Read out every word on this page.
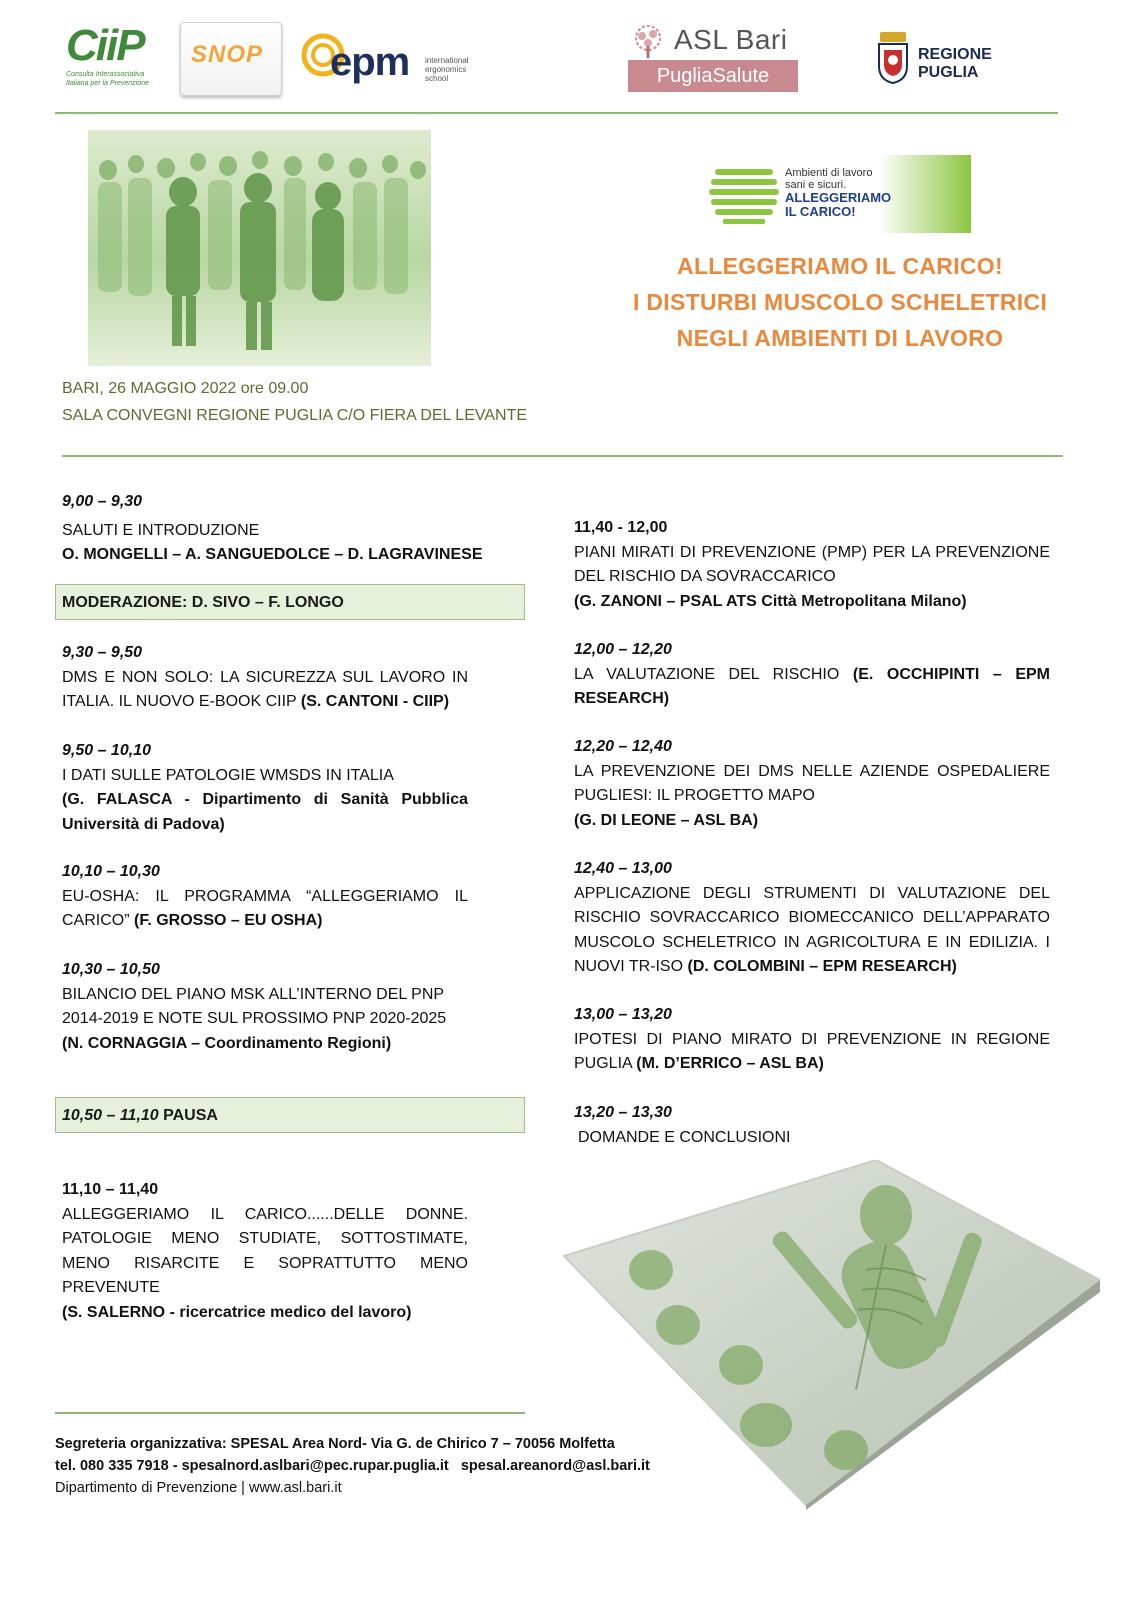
CiiP
Consulta Interassociativa
Italiana per la Prevenzione
SNOP epm international
ergonomics
school
ASL Bari
PugliaSalute
REGIONE
PUGLIA
Ambienti di lavoro
sani e sicuri.
ALLEGGERIAMO
IL CARICO!
ALLEGGERIAMO IL CARICO!
I DISTURBI MUSCOLO SCHELETRICI
NEGLI AMBIENTI DI LAVORO
BARI, 26 MAGGIO 2022 ore 09.00
SALA CONVEGNI REGIONE PUGLIA C/O FIERA DEL LEVANTE
9,00 – 9,30
SALUTI E INTRODUZIONE
O. MONGELLI – A. SANGUEDOLCE – D. LAGRAVINESE
MODERAZIONE: D. SIVO – F. LONGO
9,30 – 9,50
DMS E NON SOLO: LA SICUREZZA SUL LAVORO IN ITALIA. IL NUOVO E-BOOK CIIP (S. CANTONI - CIIP)
9,50 – 10,10
I DATI SULLE PATOLOGIE WMSDS IN ITALIA
(G. FALASCA - Dipartimento di Sanità Pubblica Università di Padova)
10,10 – 10,30
EU-OSHA: IL PROGRAMMA “ALLEGGERIAMO IL CARICO” (F. GROSSO – EU OSHA)
10,30 – 10,50
BILANCIO DEL PIANO MSK ALL’INTERNO DEL PNP 2014-2019 E NOTE SUL PROSSIMO PNP 2020-2025
(N. CORNAGGIA – Coordinamento Regioni)
10,50 – 11,10 PAUSA
11,10 – 11,40
ALLEGGERIAMO IL CARICO......DELLE DONNE. PATOLOGIE MENO STUDIATE, SOTTOSTIMATE, MENO RISARCITE E SOPRATTUTTO MENO PREVENUTE
(S. SALERNO - ricercatrice medico del lavoro)
11,40 - 12,00
PIANI MIRATI DI PREVENZIONE (PMP) PER LA PREVENZIONE DEL RISCHIO DA SOVRACCARICO
(G. ZANONI – PSAL ATS Città Metropolitana Milano)
12,00 – 12,20
LA VALUTAZIONE DEL RISCHIO (E. OCCHIPINTI – EPM RESEARCH)
12,20 – 12,40
LA PREVENZIONE DEI DMS NELLE AZIENDE OSPEDALIERE PUGLIESI: IL PROGETTO MAPO
(G. DI LEONE – ASL BA)
12,40 – 13,00
APPLICAZIONE DEGLI STRUMENTI DI VALUTAZIONE DEL RISCHIO SOVRACCARICO BIOMECCANICO DELL’APPARATO MUSCOLO SCHELETRICO IN AGRICOLTURA E IN EDILIZIA. I NUOVI TR-ISO (D. COLOMBINI – EPM RESEARCH)
13,00 – 13,20
IPOTESI DI PIANO MIRATO DI PREVENZIONE IN REGIONE PUGLIA (M. D’ERRICO – ASL BA)
13,20 – 13,30
DOMANDE E CONCLUSIONI
Segreteria organizzativa: SPESAL Area Nord- Via G. de Chirico 7 – 70056 Molfetta
tel. 080 335 7918 - spesalnord.aslbari@pec.rupar.puglia.it spesal.areanord@asl.bari.it
Dipartimento di Prevenzione | www.asl.bari.it
